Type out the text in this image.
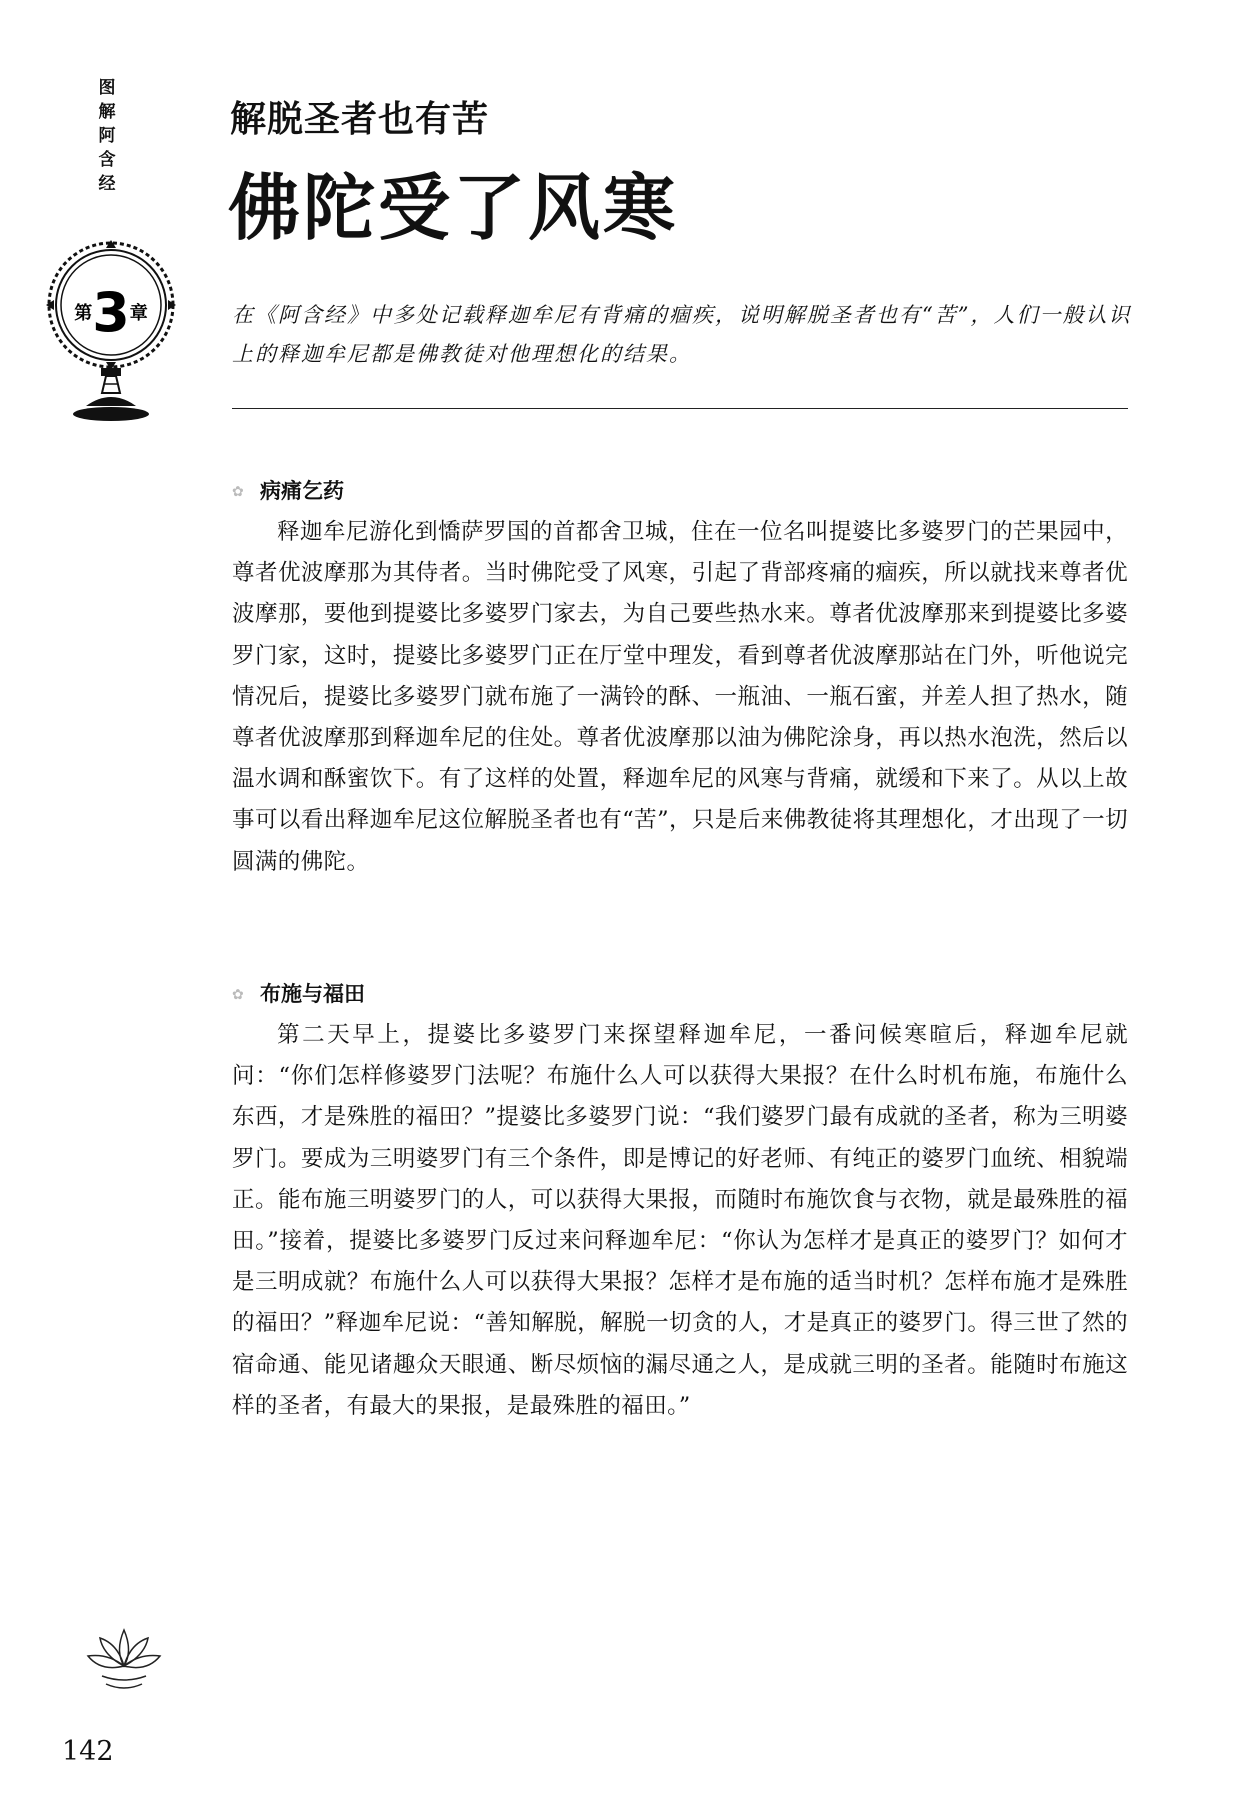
图
解
阿
含
经
第3章
解脱圣者也有苦
佛陀受了风寒
在《阿含经》中多处记载释迦牟尼有背痛的痼疾，说明解脱圣者也有“苦”，人们一般认识上的释迦牟尼都是佛教徒对他理想化的结果。
✿ 病痛乞药

释迦牟尼游化到憍萨罗国的首都舍卫城，住在一位名叫提婆比多婆罗门的芒果园中，尊者优波摩那为其侍者。当时佛陀受了风寒，引起了背部疼痛的痼疾，所以就找来尊者优波摩那，要他到提婆比多婆罗门家去，为自己要些热水来。尊者优波摩那来到提婆比多婆罗门家，这时，提婆比多婆罗门正在厅堂中理发，看到尊者优波摩那站在门外，听他说完情况后，提婆比多婆罗门就布施了一满铃的酥、一瓶油、一瓶石蜜，并差人担了热水，随尊者优波摩那到释迦牟尼的住处。尊者优波摩那以油为佛陀涂身，再以热水泡洗，然后以温水调和酥蜜饮下。有了这样的处置，释迦牟尼的风寒与背痛，就缓和下来了。从以上故事可以看出释迦牟尼这位解脱圣者也有“苦”，只是后来佛教徒将其理想化，才出现了一切圆满的佛陀。

✿ 布施与福田

第二天早上，提婆比多婆罗门来探望释迦牟尼，一番问候寒暄后，释迦牟尼就问：“你们怎样修婆罗门法呢？布施什么人可以获得大果报？在什么时机布施，布施什么东西，才是殊胜的福田？”提婆比多婆罗门说：“我们婆罗门最有成就的圣者，称为三明婆罗门。要成为三明婆罗门有三个条件，即是博记的好老师、有纯正的婆罗门血统、相貌端正。能布施三明婆罗门的人，可以获得大果报，而随时布施饮食与衣物，就是最殊胜的福田。”接着，提婆比多婆罗门反过来问释迦牟尼：“你认为怎样才是真正的婆罗门？如何才是三明成就？布施什么人可以获得大果报？怎样才是布施的适当时机？怎样布施才是殊胜的福田？”释迦牟尼说：“善知解脱，解脱一切贪的人，才是真正的婆罗门。得三世了然的宿命通、能见诸趣众天眼通、断尽烦恼的漏尽通之人，是成就三明的圣者。能随时布施这样的圣者，有最大的果报，是最殊胜的福田。”

142
